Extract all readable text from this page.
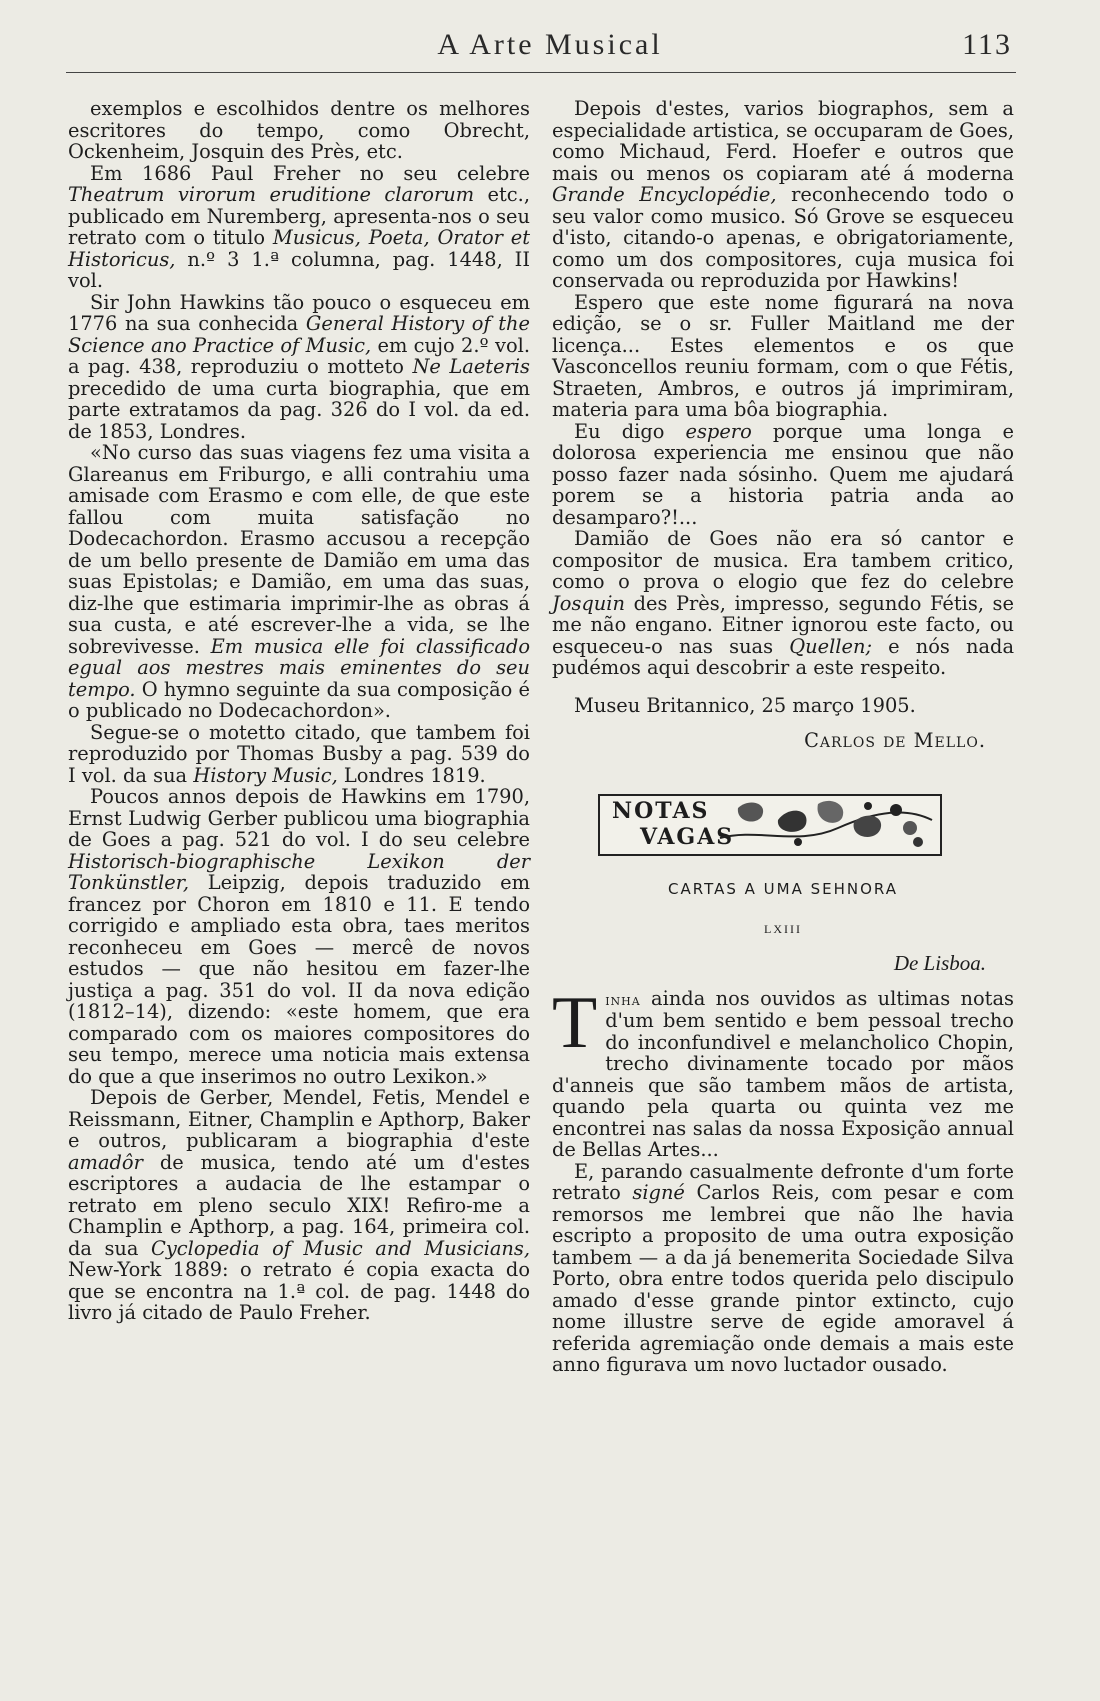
A Arte Musical	113

exemplos e escolhidos dentre os melhores escritores do tempo, como Obrecht, Ockenheim, Josquin des Près, etc.

Em 1686 Paul Freher no seu celebre Theatrum virorum eruditione clarorum etc., publicado em Nuremberg, apresenta-nos o seu retrato com o titulo Musicus, Poeta, Orator et Historicus, n.º 3 1.ª columna, pag. 1448, II vol.

Sir John Hawkins tão pouco o esqueceu em 1776 na sua conhecida General History of the Science ano Practice of Music, em cujo 2.º vol. a pag. 438, reproduziu o motteto Ne Laeteris precedido de uma curta biographia, que em parte extratamos da pag. 326 do I vol. da ed. de 1853, Londres.

«No curso das suas viagens fez uma visita a Glareanus em Friburgo, e alli contrahiu uma amisade com Erasmo e com elle, de que este fallou com muita satisfação no Dodecachordon. Erasmo accusou a recepção de um bello presente de Damião em uma das suas Epistolas; e Damião, em uma das suas, diz-lhe que estimaria imprimir-lhe as obras á sua custa, e até escrever-lhe a vida, se lhe sobrevivesse. Em musica elle foi classificado egual aos mestres mais eminentes do seu tempo. O hymno seguinte da sua composição é o publicado no Dodecachordon».

Segue-se o motetto citado, que tambem foi reproduzido por Thomas Busby a pag. 539 do I vol. da sua History Music, Londres 1819.

Poucos annos depois de Hawkins em 1790, Ernst Ludwig Gerber publicou uma biographia de Goes a pag. 521 do vol. I do seu celebre Historisch-biographische Lexikon der Tonkünstler, Leipzig, depois traduzido em francez por Choron em 1810 e 11. E tendo corrigido e ampliado esta obra, taes meritos reconheceu em Goes — mercê de novos estudos — que não hesitou em fazer-lhe justiça a pag. 351 do vol. II da nova edição (1812–14), dizendo: «este homem, que era comparado com os maiores compositores do seu tempo, merece uma noticia mais extensa do que a que inserimos no outro Lexikon.»

Depois de Gerber, Mendel, Fetis, Mendel e Reissmann, Eitner, Champlin e Apthorp, Baker e outros, publicaram a biographia d'este amadôr de musica, tendo até um d'estes escriptores a audacia de lhe estampar o retrato em pleno seculo XIX! Refiro-me a Champlin e Apthorp, a pag. 164, primeira col. da sua Cyclopedia of Music and Musicians, New-York 1889: o retrato é copia exacta do que se encontra na 1.ª col. de pag. 1448 do livro já citado de Paulo Freher.

Depois d'estes, varios biographos, sem a especialidade artistica, se occuparam de Goes, como Michaud, Ferd. Hoefer e outros que mais ou menos os copiaram até á moderna Grande Encyclopédie, reconhecendo todo o seu valor como musico. Só Grove se esqueceu d'isto, citando-o apenas, e obrigatoriamente, como um dos compositores, cuja musica foi conservada ou reproduzida por Hawkins!

Espero que este nome figurará na nova edição, se o sr. Fuller Maitland me der licença... Estes elementos e os que Vasconcellos reuniu formam, com o que Fétis, Straeten, Ambros, e outros já imprimiram, materia para uma bôa biographia.

Eu digo espero porque uma longa e dolorosa experiencia me ensinou que não posso fazer nada sósinho. Quem me ajudará porem se a historia patria anda ao desamparo?!...

Damião de Goes não era só cantor e compositor de musica. Era tambem critico, como o prova o elogio que fez do celebre Josquin des Près, impresso, segundo Fétis, se me não engano. Eitner ignorou este facto, ou esqueceu-o nas suas Quellen; e nós nada pudémos aqui descobrir a este respeito.

Museu Britannico, 25 março 1905.

Carlos de Mello.

NOTAS
VAGAS
CARTAS A UMA SEHNORA
LXIII
De Lisboa.

Tinha ainda nos ouvidos as ultimas notas d'um bem sentido e bem pessoal trecho do inconfundivel e melancholico Chopin, trecho divinamente tocado por mãos d'anneis que são tambem mãos de artista, quando pela quarta ou quinta vez me encontrei nas salas da nossa Exposição annual de Bellas Artes...

E, parando casualmente defronte d'um forte retrato signé Carlos Reis, com pesar e com remorsos me lembrei que não lhe havia escripto a proposito de uma outra exposição tambem — a da já benemerita Sociedade Silva Porto, obra entre todos querida pelo discipulo amado d'esse grande pintor extincto, cujo nome illustre serve de egide amoravel á referida agremiação onde demais a mais este anno figurava um novo luctador ousado.
